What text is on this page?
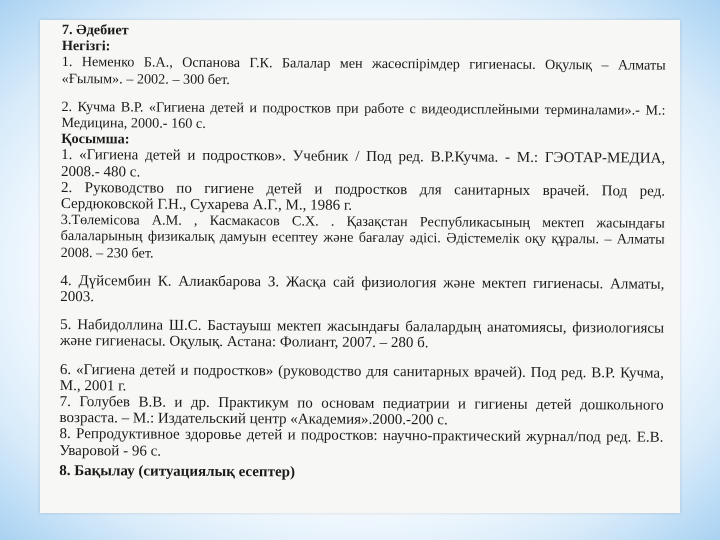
7. Әдебиет
Негізгі:
1. Неменко Б.А., Оспанова Г.К. Балалар мен жасөспірімдер гигиенасы. Оқулық – Алматы «Ғылым». – 2002. – 300 бет.
2. Кучма В.Р. «Гигиена детей и подростков при работе с видеодисплейными терминалами».- М.: Медицина, 2000.- 160 с.
Қосымша:
1. «Гигиена детей и подростков». Учебник / Под ред. В.Р.Кучма. - М.: ГЭОТАР-МЕДИА, 2008.- 480 с.
2. Руководство по гигиене детей и подростков для санитарных врачей. Под ред. Сердюковской Г.Н., Сухарева А.Г., М., 1986 г.
3.Төлемісова А.М. , Касмакасов С.Х. . Қазақстан Республикасының мектеп жасындағы балаларының физикалық дамуын есептеу және бағалау әдісі. Әдістемелік оқу құралы. – Алматы 2008. – 230 бет.
4. Дүйсембин К. Алиакбарова З. Жасқа сай физиология және мектеп гигиенасы. Алматы, 2003.
5. Набидоллина Ш.С. Бастауыш мектеп жасындағы балалардың анатомиясы, физиологиясы және гигиенасы. Оқулық. Астана: Фолиант, 2007. – 280 б.
6. «Гигиена детей и подростков» (руководство для санитарных врачей). Под ред. В.Р. Кучма, М., 2001 г.
7. Голубев В.В. и др. Практикум по основам педиатрии и гигиены детей дошкольного возраста. – М.: Издательский центр «Академия».2000.-200 с.
8. Репродуктивное здоровье детей и подростков: научно-практический журнал/под ред. Е.В. Уваровой - 96 с.
8. Бақылау (ситуациялық есептер)
